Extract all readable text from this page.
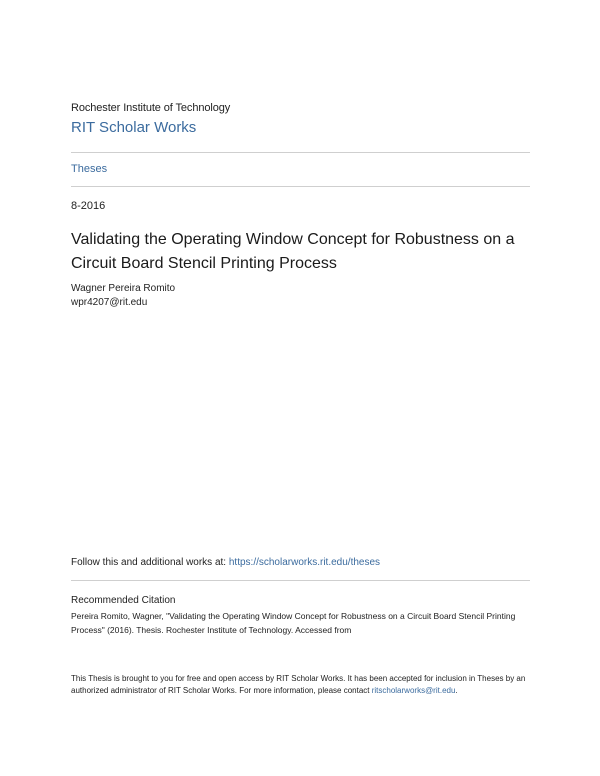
Rochester Institute of Technology
RIT Scholar Works
Theses
8-2016
Validating the Operating Window Concept for Robustness on a Circuit Board Stencil Printing Process
Wagner Pereira Romito
wpr4207@rit.edu
Follow this and additional works at: https://scholarworks.rit.edu/theses
Recommended Citation
Pereira Romito, Wagner, "Validating the Operating Window Concept for Robustness on a Circuit Board Stencil Printing Process" (2016). Thesis. Rochester Institute of Technology. Accessed from
This Thesis is brought to you for free and open access by RIT Scholar Works. It has been accepted for inclusion in Theses by an authorized administrator of RIT Scholar Works. For more information, please contact ritscholarworks@rit.edu.
